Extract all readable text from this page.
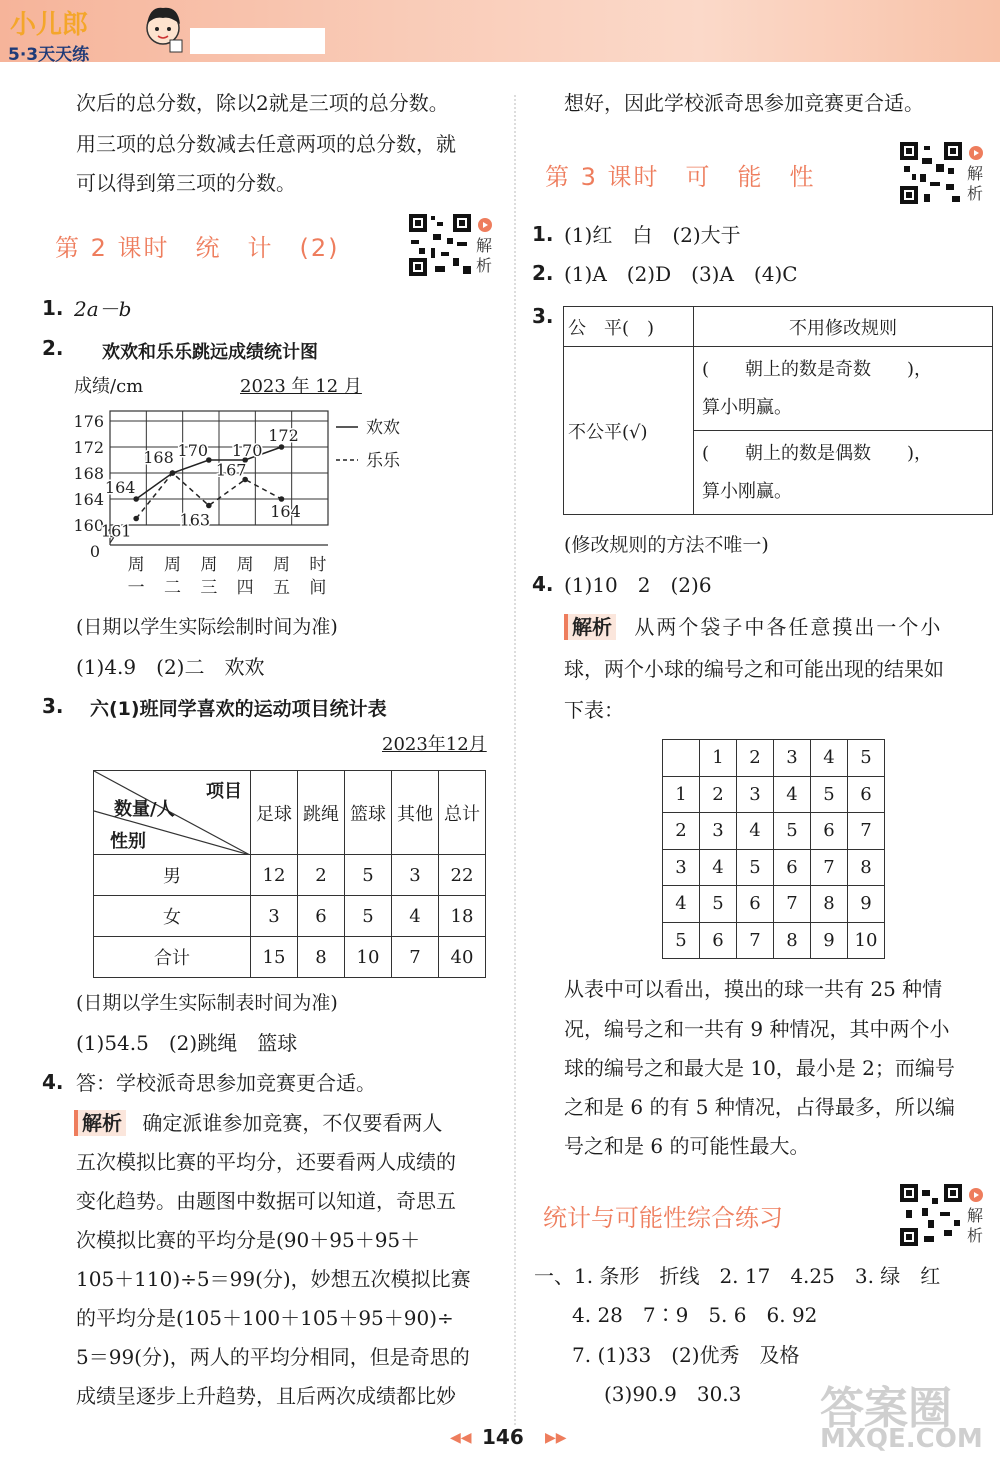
小儿郎
5·3天天练
次后的总分数，除以2就是三项的总分数。
用三项的总分数减去任意两项的总分数，就
可以得到第三项的分数。
第 2 课时　统　计　(2)	解析
1. 2a－b
2. 欢欢和乐乐跳远成绩统计图
成绩/cm	2023 年 12 月
176
172
168
164
160
0
周
一
周
二
周
三
周
四
周
五
时
间
164
168 170 170
172
161
163
167
164
欢欢
乐乐
(日期以学生实际绘制时间为准)
(1)4.9　(2)二　欢欢
3. 六(1)班同学喜欢的运动项目统计表
2023年12月
项目
数量/人
性别	足球	跳绳	篮球	其他	总计
男	12	2	5	3	22
女	3	6	5	4	18
合计	15	8	10	7	40
(日期以学生实际制表时间为准)
(1)54.5　(2)跳绳　篮球
4. 答：学校派奇思参加竞赛更合适。
解析 确定派谁参加竞赛，不仅要看两人
五次模拟比赛的平均分，还要看两人成绩的
变化趋势。由题图中数据可以知道，奇思五
次模拟比赛的平均分是(90＋95＋95＋
105＋110)÷5＝99(分)，妙想五次模拟比赛
的平均分是(105＋100＋105＋95＋90)÷
5＝99(分)，两人的平均分相同，但是奇思的
成绩呈逐步上升趋势，且后两次成绩都比妙
想好，因此学校派奇思参加竞赛更合适。
第 3 课时　可　能　性	解析
1. (1)红　白　(2)大于
2. (1)A　(2)D　(3)A　(4)C
3. 公　平(　)	不用修改规则
不公平(√)	(　　朝上的数是奇数　　)，
算小明赢。

	(　　朝上的数是偶数　　)，
算小刚赢。
(修改规则的方法不唯一)
4. (1)10　2　(2)6
解析 从两个袋子中各任意摸出一个小
球，两个小球的编号之和可能出现的结果如
下表：
	1	2	3	4	5
1	2	3	4	5	6
2	3	4	5	6	7
3	4	5	6	7	8
4	5	6	7	8	9
5	6	7	8	9	10
从表中可以看出，摸出的球一共有 25 种情
况，编号之和一共有 9 种情况，其中两个小
球的编号之和最大是 10，最小是 2；而编号
之和是 6 的有 5 种情况，占得最多，所以编
号之和是 6 的可能性最大。
统计与可能性综合练习	解析
一、1. 条形　折线　2. 17　4.25　3. 绿　红
4. 28　7∶9　5. 6　6. 92
7. (1)33　(2)优秀　及格
(3)90.9　30.3
◀◀ 146 ▶▶
答案圈
MXQE.COM
